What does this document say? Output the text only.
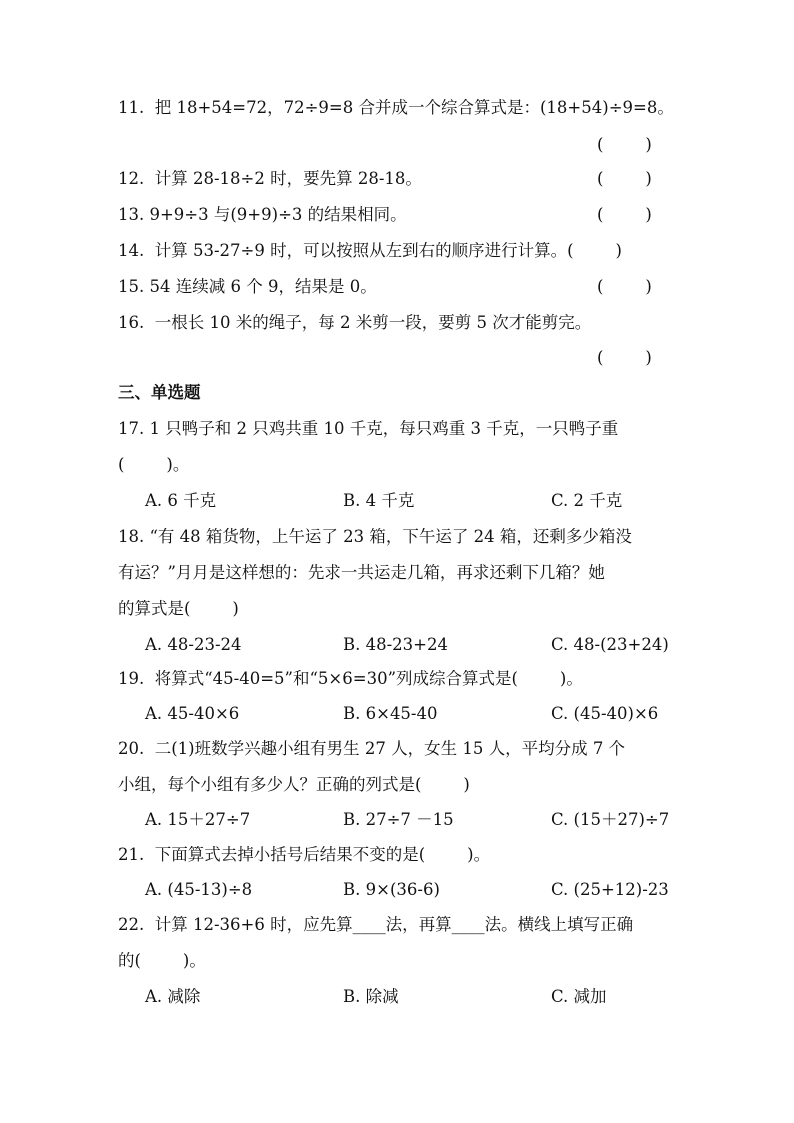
11.  把 18+54=72，72÷9=8 合并成一个综合算式是：(18+54)÷9=8。
(        )
12.  计算 28-18÷2 时，要先算 28-18。	(        )
13. 9+9÷3 与(9+9)÷3 的结果相同。	(        )
14.  计算 53-27÷9 时，可以按照从左到右的顺序进行计算。(        )
15. 54 连续减 6 个 9，结果是 0。	(        )
16.  一根长 10 米的绳子，每 2 米剪一段，要剪 5 次才能剪完。
(        )
三、单选题
17. 1 只鸭子和 2 只鸡共重 10 千克，每只鸡重 3 千克，一只鸭子重
(        )。
A. 6 千克	B. 4 千克	C. 2 千克
18. “有 48 箱货物，上午运了 23 箱，下午运了 24 箱，还剩多少箱没
有运？”月月是这样想的：先求一共运走几箱，再求还剩下几箱？她
的算式是(        )
A. 48-23-24	B. 48-23+24	C. 48-(23+24)
19.  将算式“45-40=5”和“5×6=30”列成综合算式是(        )。
A. 45-40×6	B. 6×45-40	C. (45-40)×6
20.  二(1)班数学兴趣小组有男生 27 人，女生 15 人，平均分成 7 个
小组，每个小组有多少人？正确的列式是(        )
A. 15＋27÷7	B. 27÷7 －15	C. (15＋27)÷7
21.  下面算式去掉小括号后结果不变的是(        )。
A. (45-13)÷8	B. 9×(36-6)	C. (25+12)-23
22.  计算 12-36+6 时，应先算____法，再算____法。横线上填写正确
的(        )。
A. 减除	B. 除减	C. 减加
